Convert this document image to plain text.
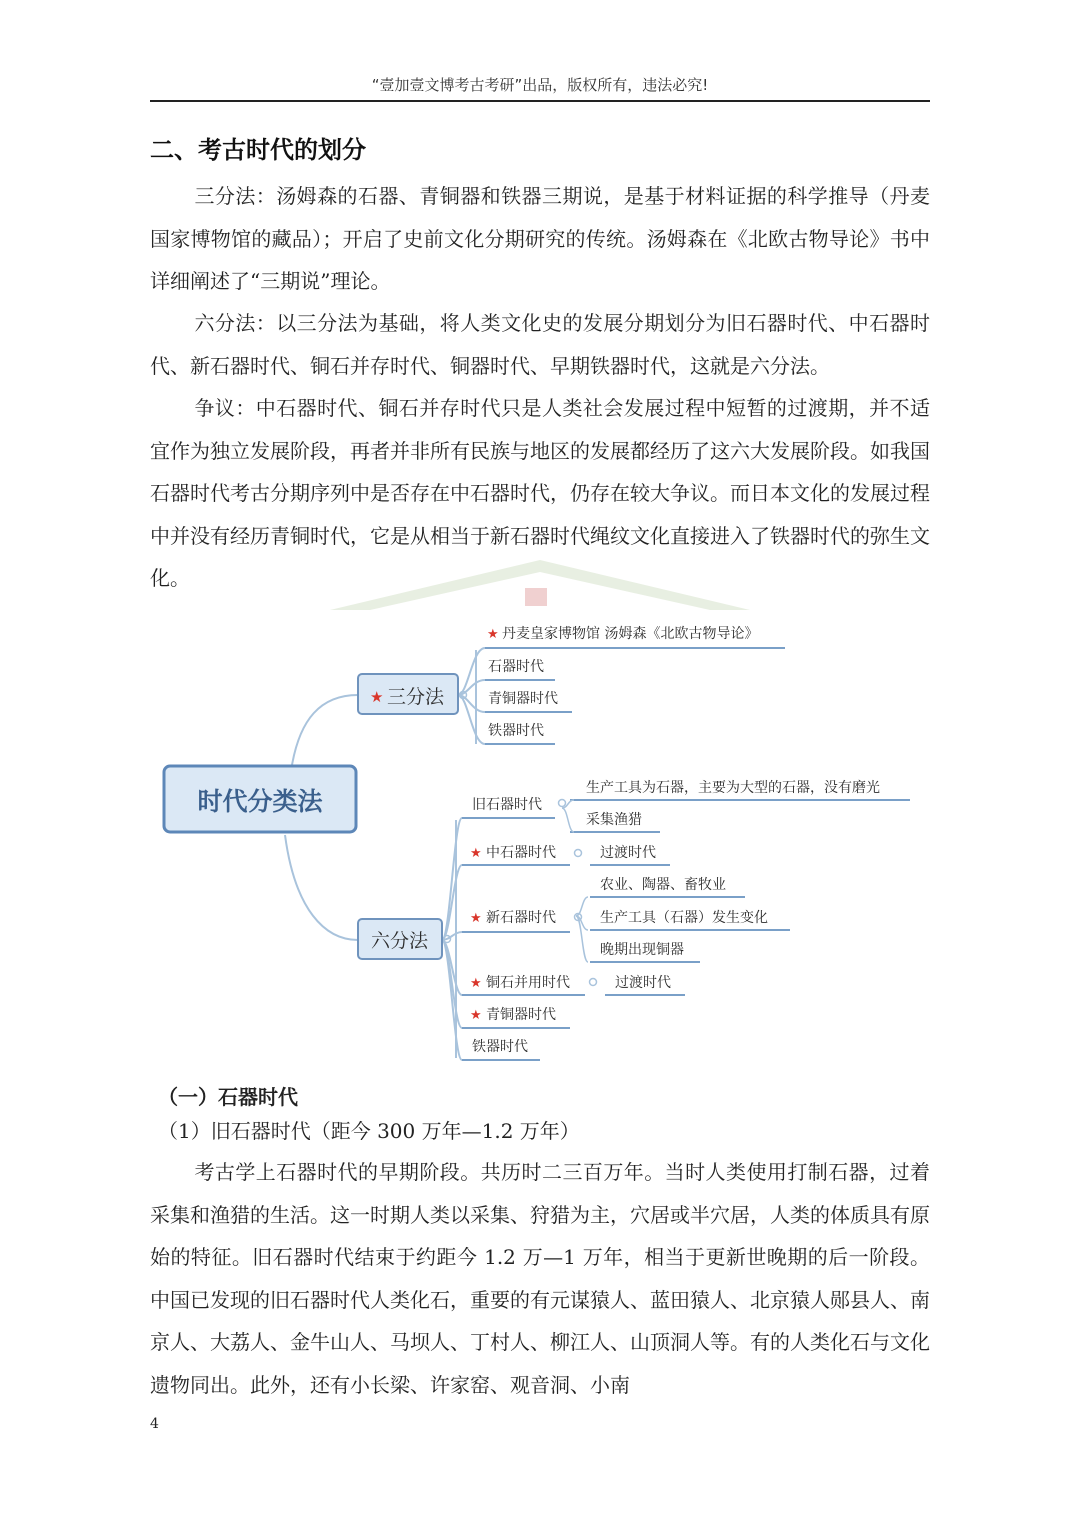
“壹加壹文博考古考研”出品，版权所有，违法必究!
二、考古时代的划分
三分法：汤姆森的石器、青铜器和铁器三期说，是基于材料证据的科学推导（丹麦国家博物馆的藏品）；开启了史前文化分期研究的传统。汤姆森在《北欧古物导论》书中详细阐述了“三期说”理论。
六分法：以三分法为基础，将人类文化史的发展分期划分为旧石器时代、中石器时代、新石器时代、铜石并存时代、铜器时代、早期铁器时代，这就是六分法。
争议：中石器时代、铜石并存时代只是人类社会发展过程中短暂的过渡期，并不适宜作为独立发展阶段，再者并非所有民族与地区的发展都经历了这六大发展阶段。如我国石器时代考古分期序列中是否存在中石器时代，仍存在较大争议。而日本文化的发展过程中并没有经历青铜时代，它是从相当于新石器时代绳纹文化直接进入了铁器时代的弥生文化。
时代分类法
★ 三分法
六分法
★ 丹麦皇家博物馆 汤姆森《北欧古物导论》
石器时代
青铜器时代
铁器时代
旧石器时代
★ 中石器时代
★ 新石器时代
★ 铜石并用时代
★ 青铜器时代
铁器时代
生产工具为石器，主要为大型的石器，没有磨光
采集渔猎
过渡时代
农业、陶器、畜牧业
生产工具（石器）发生变化
晚期出现铜器
过渡时代
（一）石器时代
（1）旧石器时代（距今 300 万年—1.2 万年）
考古学上石器时代的早期阶段。共历时二三百万年。当时人类使用打制石器，过着采集和渔猎的生活。这一时期人类以采集、狩猎为主，穴居或半穴居，人类的体质具有原始的特征。旧石器时代结束于约距今 1.2 万—1 万年，相当于更新世晚期的后一阶段。中国已发现的旧石器时代人类化石，重要的有元谋猿人、蓝田猿人、北京猿人郧县人、南京人、大荔人、金牛山人、马坝人、丁村人、柳江人、山顶洞人等。有的人类化石与文化遗物同出。此外，还有小长梁、许家窑、观音洞、小南
4
